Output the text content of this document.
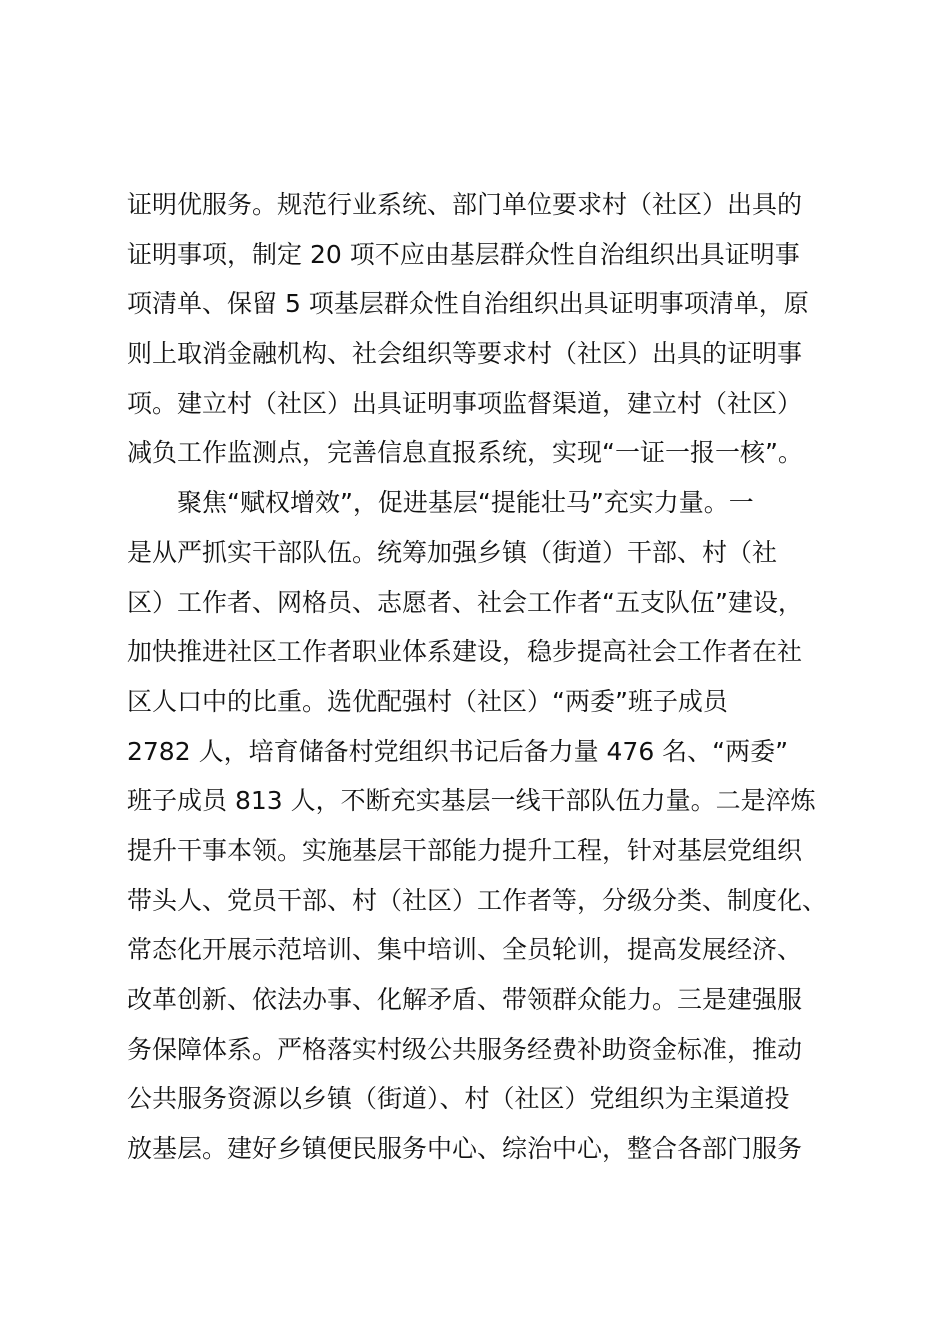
证明优服务。规范行业系统、部门单位要求村（社区）出具的
证明事项，制定 20 项不应由基层群众性自治组织出具证明事
项清单、保留 5 项基层群众性自治组织出具证明事项清单，原
则上取消金融机构、社会组织等要求村（社区）出具的证明事
项。建立村（社区）出具证明事项监督渠道，建立村（社区）
减负工作监测点，完善信息直报系统，实现“一证一报一核”。
聚焦“赋权增效”，促进基层“提能壮马”充实力量。一
是从严抓实干部队伍。统筹加强乡镇（街道）干部、村（社
区）工作者、网格员、志愿者、社会工作者“五支队伍”建设，
加快推进社区工作者职业体系建设，稳步提高社会工作者在社
区人口中的比重。选优配强村（社区）“两委”班子成员
2782 人，培育储备村党组织书记后备力量 476 名、“两委”
班子成员 813 人，不断充实基层一线干部队伍力量。二是淬炼
提升干事本领。实施基层干部能力提升工程，针对基层党组织
带头人、党员干部、村（社区）工作者等，分级分类、制度化、
常态化开展示范培训、集中培训、全员轮训，提高发展经济、
改革创新、依法办事、化解矛盾、带领群众能力。三是建强服
务保障体系。严格落实村级公共服务经费补助资金标准，推动
公共服务资源以乡镇（街道）、村（社区）党组织为主渠道投
放基层。建好乡镇便民服务中心、综治中心，整合各部门服务
